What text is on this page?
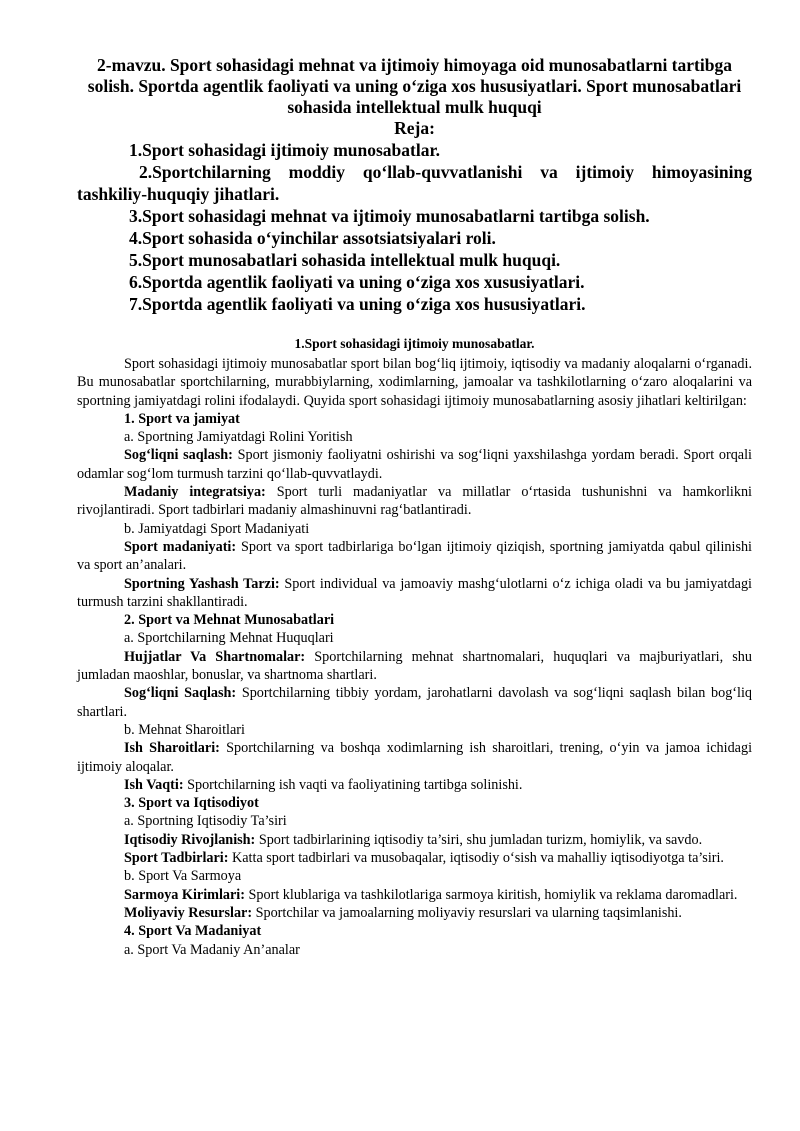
2-mavzu. Sport sohasidagi mehnat va ijtimoiy himoyaga oid munosabatlarni tartibga solish. Sportda agentlik faoliyati va uning o‘ziga xos hususiyatlari. Sport munosabatlari sohasida intellektual mulk huquqi
Reja:
1.Sport sohasidagi ijtimoiy munosabatlar.
2.Sportchilarning moddiy qo‘llab-quvvatlanishi va ijtimoiy himoyasining tashkiliy-huquqiy jihatlari.
3.Sport sohasidagi mehnat va ijtimoiy munosabatlarni tartibga solish.
4.Sport sohasida o‘yinchilar assotsiatsiyalari roli.
5.Sport munosabatlari sohasida intellektual mulk huquqi.
6.Sportda agentlik faoliyati va uning o‘ziga xos xususiyatlari.
7.Sportda agentlik faoliyati va uning o‘ziga xos hususiyatlari.
1.Sport sohasidagi ijtimoiy munosabatlar.

Sport sohasidagi ijtimoiy munosabatlar sport bilan bog‘liq ijtimoiy, iqtisodiy va madaniy aloqalarni o‘rganadi. Bu munosabatlar sportchilarning, murabbiylarning, xodimlarning, jamoalar va tashkilotlarning o‘zaro aloqalarini va sportning jamiyatdagi rolini ifodalaydi. Quyida sport sohasidagi ijtimoiy munosabatlarning asosiy jihatlari keltirilgan:

1. Sport va jamiyat

a. Sportning Jamiyatdagi Rolini Yoritish

Sog‘liqni saqlash: Sport jismoniy faoliyatni oshirishi va sog‘liqni yaxshilashga yordam beradi. Sport orqali odamlar sog‘lom turmush tarzini qo‘llab-quvvatlaydi.

Madaniy integratsiya: Sport turli madaniyatlar va millatlar o‘rtasida tushunishni va hamkorlikni rivojlantiradi. Sport tadbirlari madaniy almashinuvni rag‘batlantiradi.

b. Jamiyatdagi Sport Madaniyati

Sport madaniyati: Sport va sport tadbirlariga bo‘lgan ijtimoiy qiziqish, sportning jamiyatda qabul qilinishi va sport an’analari.

Sportning Yashash Tarzi: Sport individual va jamoaviy mashg‘ulotlarni o‘z ichiga oladi va bu jamiyatdagi turmush tarzini shakllantiradi.

2. Sport va Mehnat Munosabatlari

a. Sportchilarning Mehnat Huquqlari

Hujjatlar Va Shartnomalar: Sportchilarning mehnat shartnomalari, huquqlari va majburiyatlari, shu jumladan maoshlar, bonuslar, va shartnoma shartlari.

Sog‘liqni Saqlash: Sportchilarning tibbiy yordam, jarohatlarni davolash va sog‘liqni saqlash bilan bog‘liq shartlari.

b. Mehnat Sharoitlari

Ish Sharoitlari: Sportchilarning va boshqa xodimlarning ish sharoitlari, trening, o‘yin va jamoa ichidagi ijtimoiy aloqalar.

Ish Vaqti: Sportchilarning ish vaqti va faoliyatining tartibga solinishi.

3. Sport va Iqtisodiyot

a. Sportning Iqtisodiy Ta’siri

Iqtisodiy Rivojlanish: Sport tadbirlarining iqtisodiy ta’siri, shu jumladan turizm, homiylik, va savdo.

Sport Tadbirlari: Katta sport tadbirlari va musobaqalar, iqtisodiy o‘sish va mahalliy iqtisodiyotga ta’siri.

b. Sport Va Sarmoya

Sarmoya Kirimlari: Sport klublariga va tashkilotlariga sarmoya kiritish, homiylik va reklama daromadlari.

Moliyaviy Resurslar: Sportchilar va jamoalarning moliyaviy resurslari va ularning taqsimlanishi.

4. Sport Va Madaniyat

a. Sport Va Madaniy An’analar
